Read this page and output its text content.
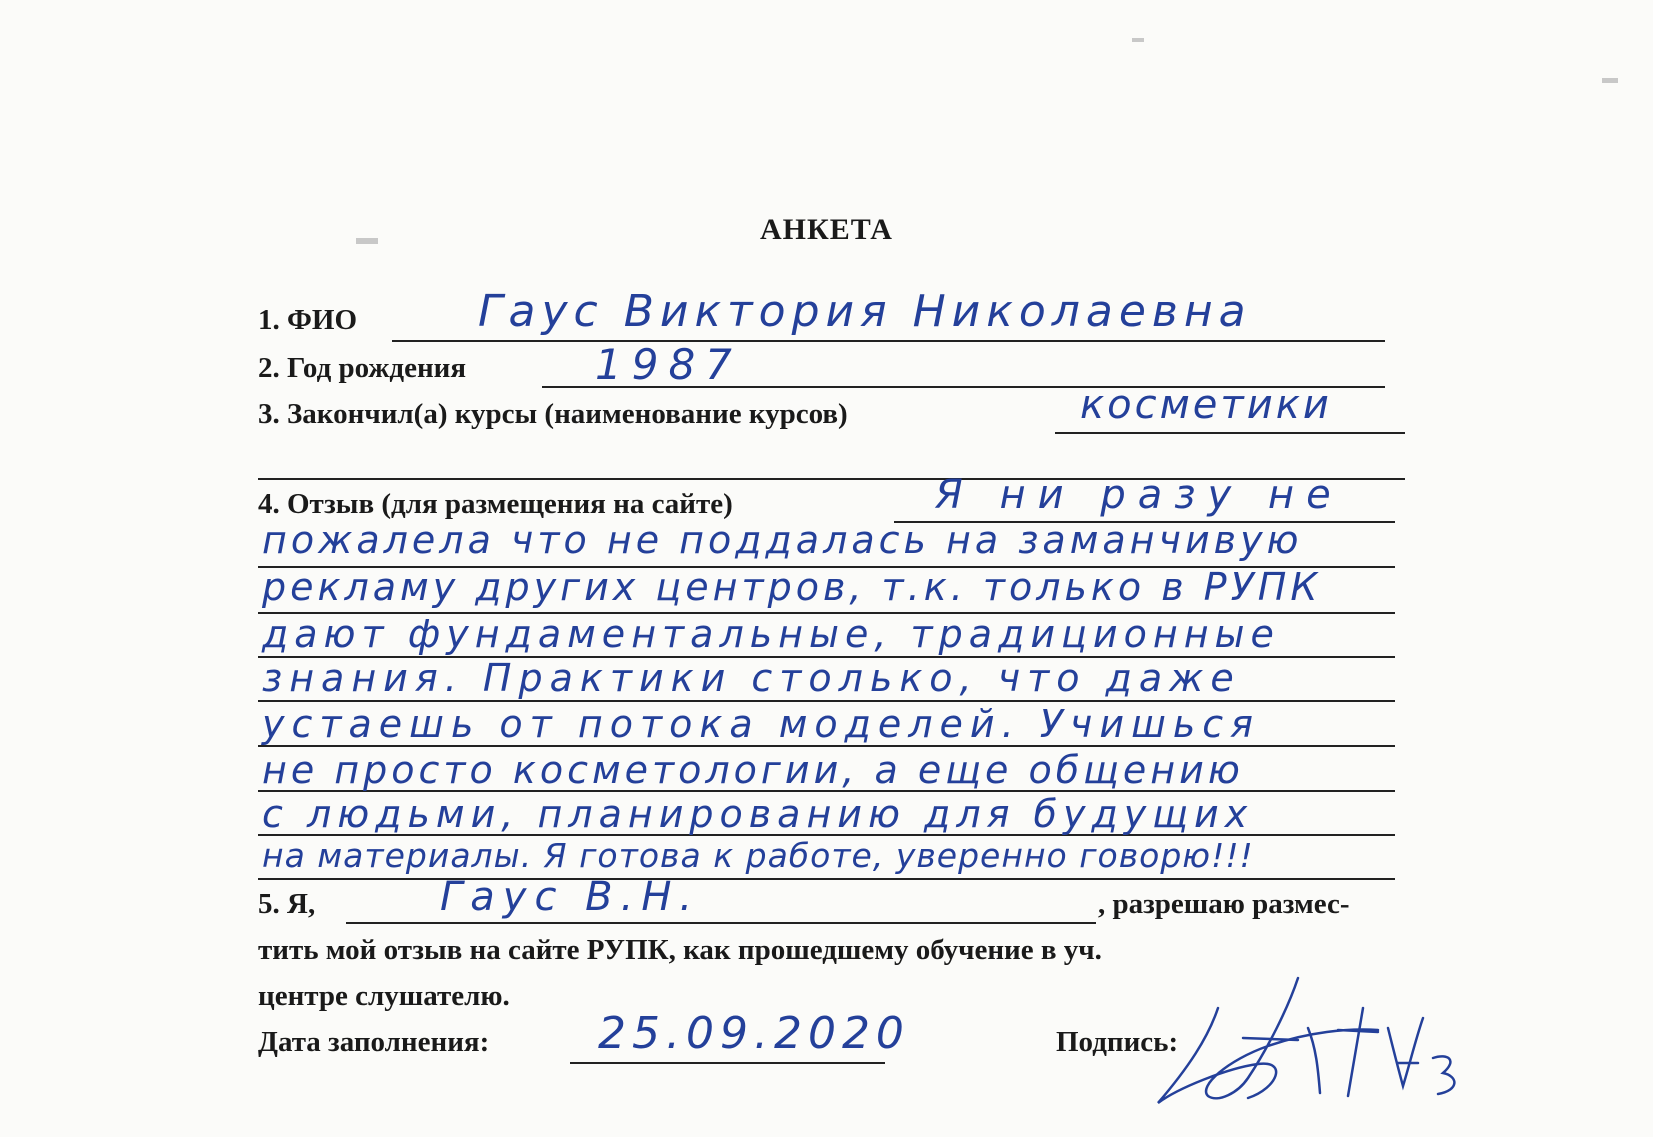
АНКЕТА
1. ФИО	Гаус Виктория Николаевна
2. Год рождения	1987
3. Закончил(а) курсы (наименование курсов)	косметики
4. Отзыв (для размещения на сайте)	Я ни разу не
пожалела что не поддалась на заманчивую
рекламу других центров, т.к. только в РУПК
дают фундаментальные, традиционные
знания. Практики столько, что даже
устаешь от потока моделей. Учишься
не просто косметологии, а еще общению
с людьми, планированию для будущих
на материалы. Я готова к работе, уверенно говорю!!!
5. Я,	Гаус В.Н.	, разрешаю размес-
тить мой отзыв на сайте РУПК, как прошедшему обучение в уч.
центре слушателю.
Дата заполнения: 25.09.2020	Подпись:
